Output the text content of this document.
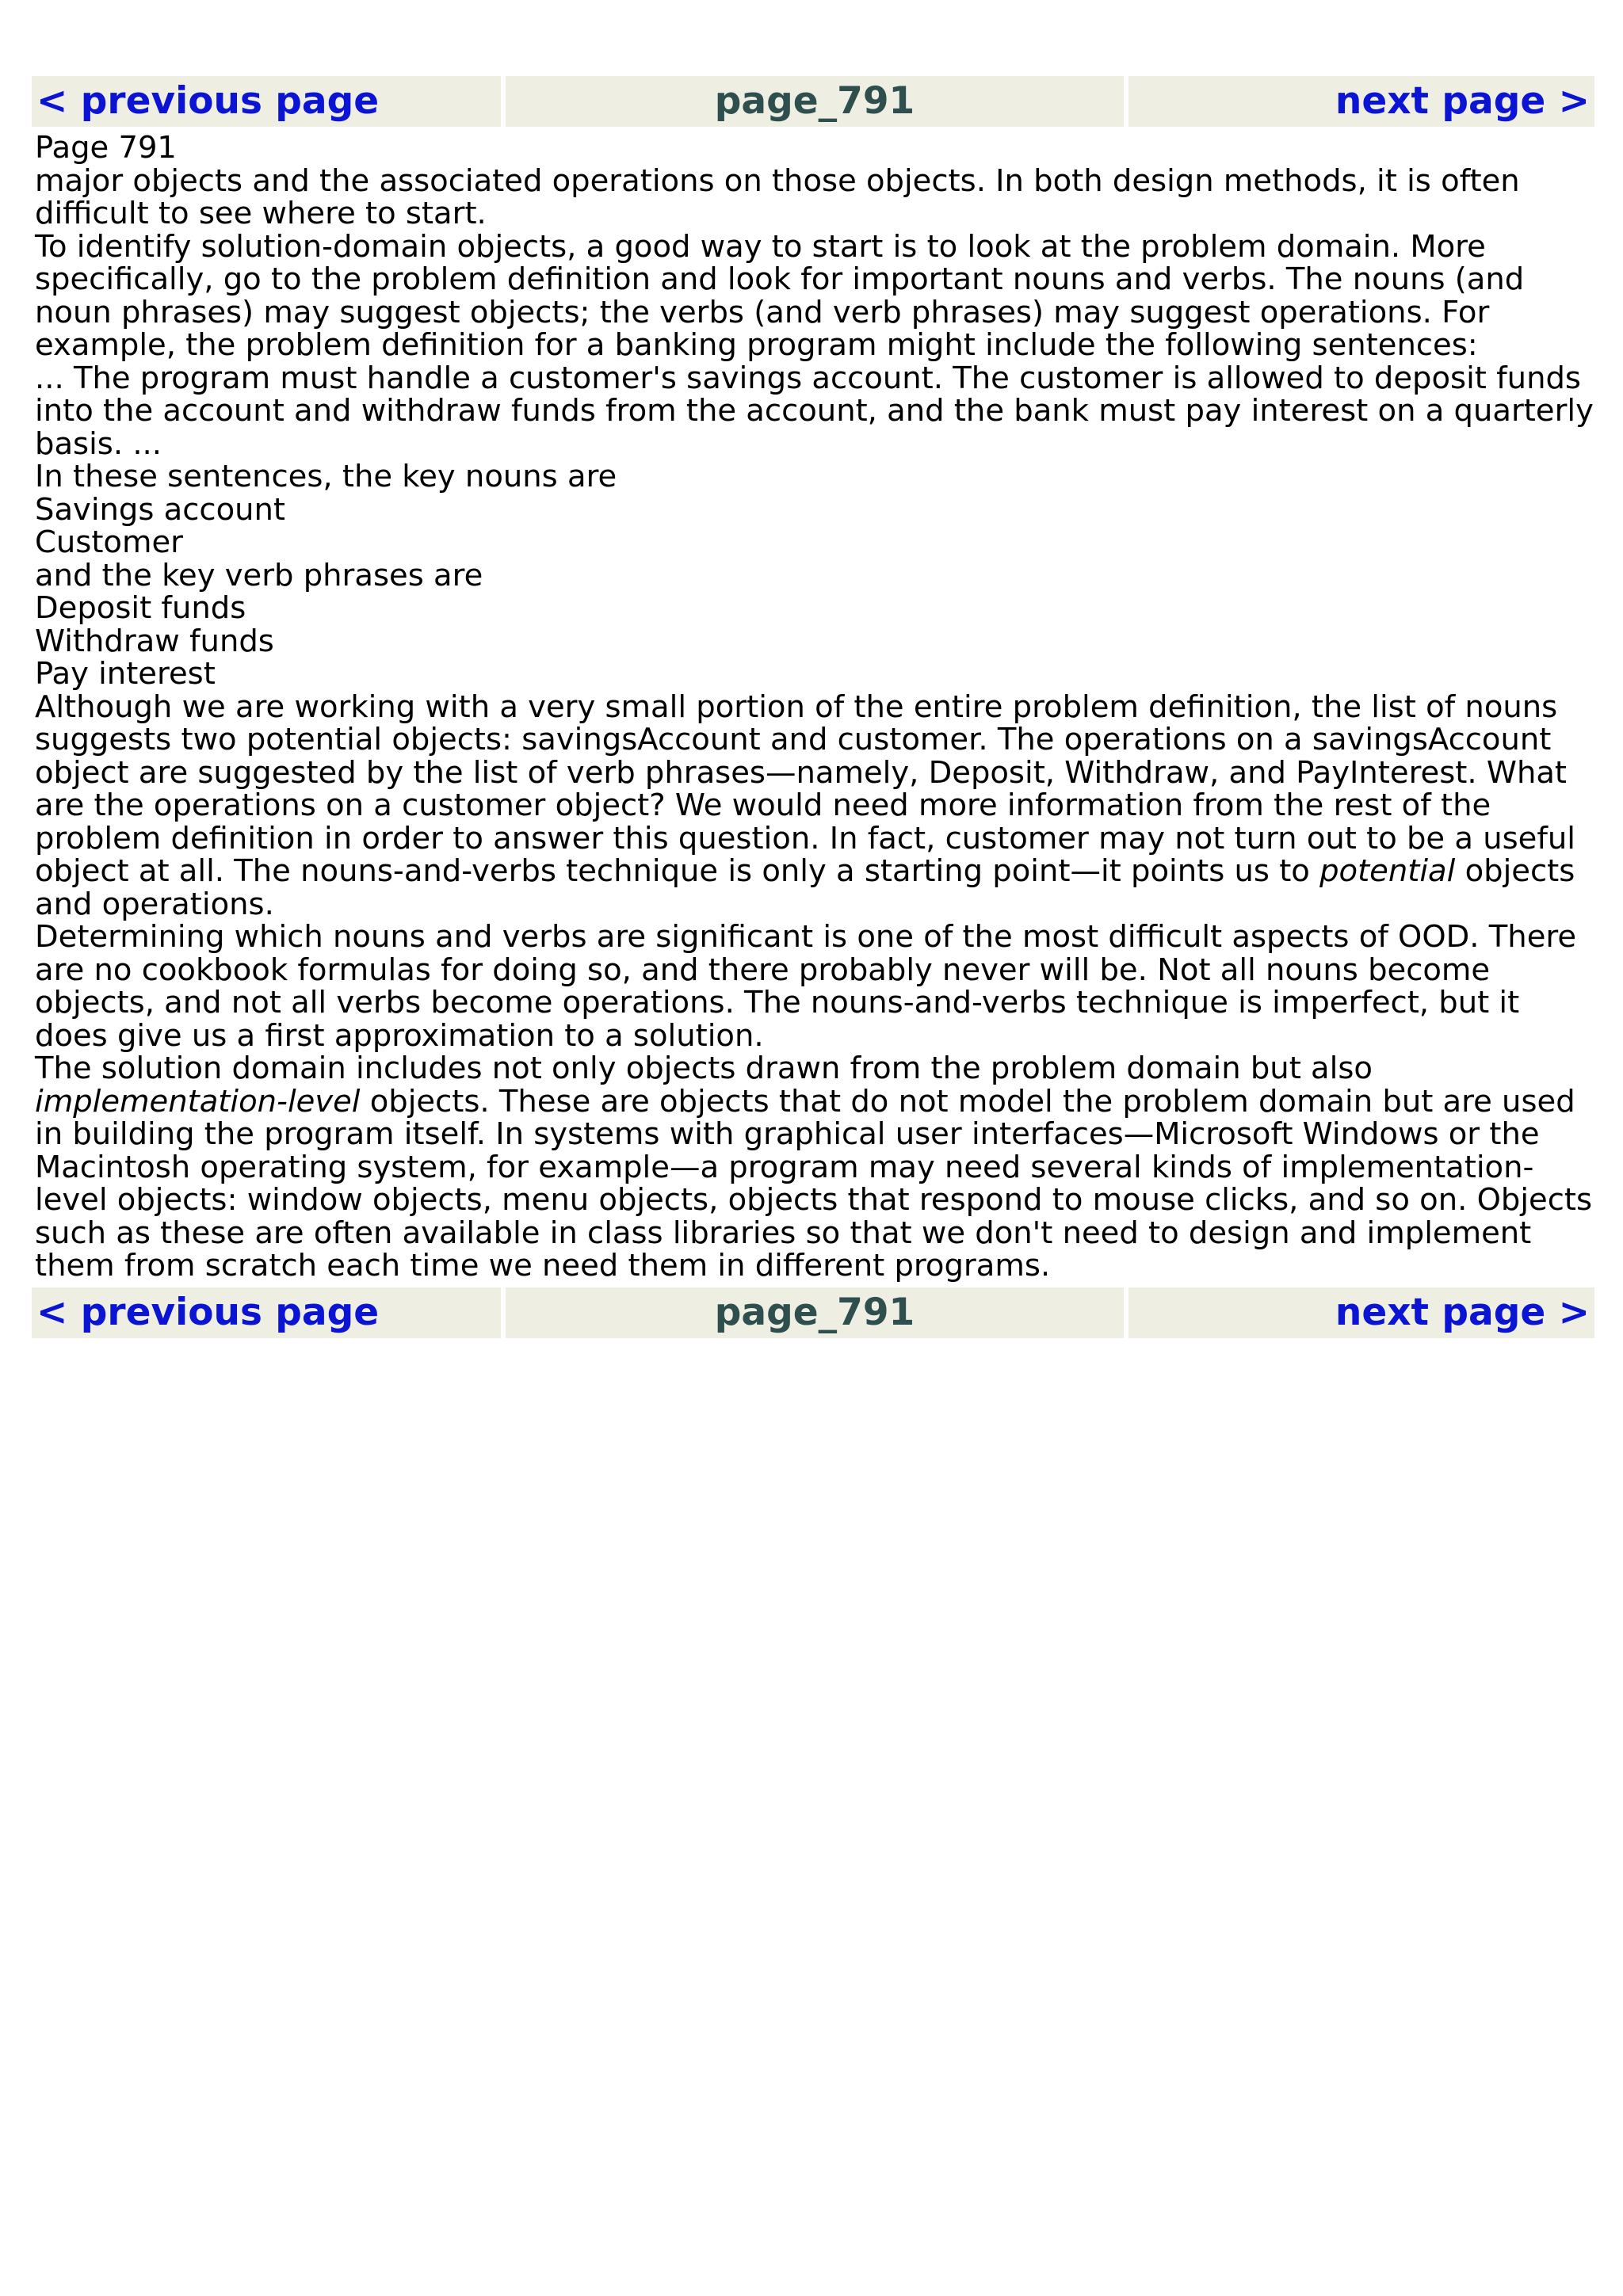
< previous page	page_791	next page >

Page 791

major objects and the associated operations on those objects. In both design methods, it is often difficult to see where to start.

To identify solution-domain objects, a good way to start is to look at the problem domain. More specifically, go to the problem definition and look for important nouns and verbs. The nouns (and noun phrases) may suggest objects; the verbs (and verb phrases) may suggest operations. For example, the problem definition for a banking program might include the following sentences:

... The program must handle a customer's savings account. The customer is allowed to deposit funds into the account and withdraw funds from the account, and the bank must pay interest on a quarterly basis. ...

In these sentences, the key nouns are

Savings account

Customer

and the key verb phrases are

Deposit funds

Withdraw funds

Pay interest

Although we are working with a very small portion of the entire problem definition, the list of nouns suggests two potential objects: savingsAccount and customer. The operations on a savingsAccount object are suggested by the list of verb phrases—namely, Deposit, Withdraw, and PayInterest. What are the operations on a customer object? We would need more information from the rest of the problem definition in order to answer this question. In fact, customer may not turn out to be a useful object at all. The nouns-and-verbs technique is only a starting point—it points us to potential objects and operations.

Determining which nouns and verbs are significant is one of the most difficult aspects of OOD. There are no cookbook formulas for doing so, and there probably never will be. Not all nouns become objects, and not all verbs become operations. The nouns-and-verbs technique is imperfect, but it does give us a first approximation to a solution.

The solution domain includes not only objects drawn from the problem domain but also implementation-level objects. These are objects that do not model the problem domain but are used in building the program itself. In systems with graphical user interfaces—Microsoft Windows or the Macintosh operating system, for example—a program may need several kinds of implementation-level objects: window objects, menu objects, objects that respond to mouse clicks, and so on. Objects such as these are often available in class libraries so that we don't need to design and implement them from scratch each time we need them in different programs.

< previous page	page_791	next page >
